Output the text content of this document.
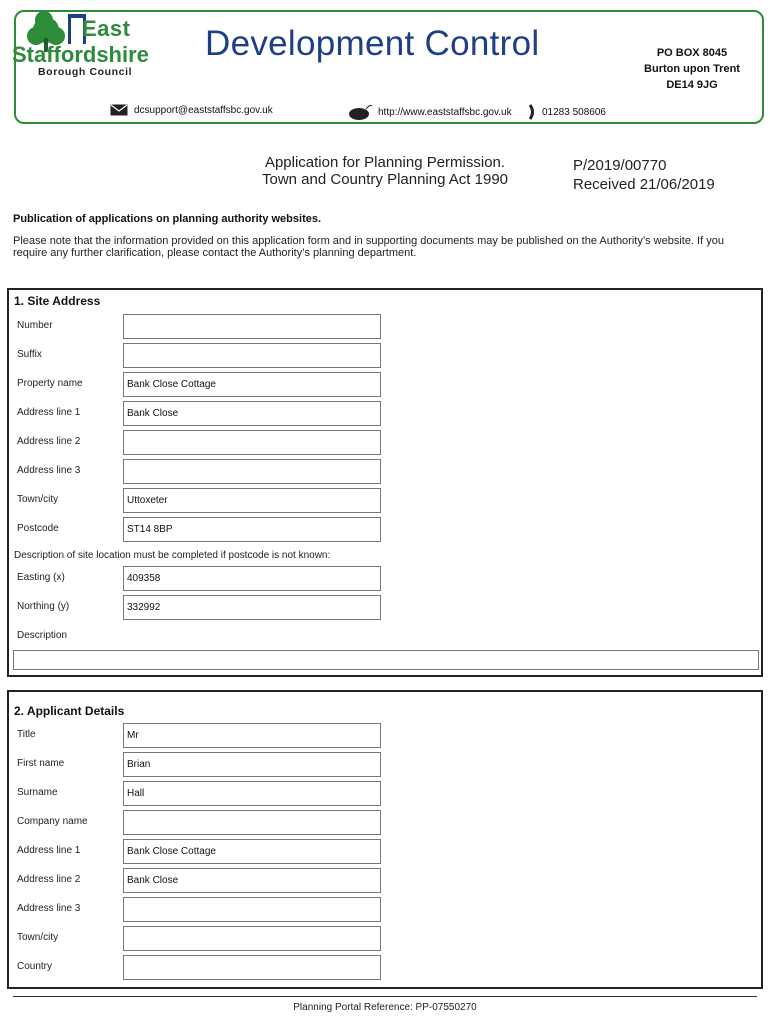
East
Staffordshire
Borough Council
Development Control	PO BOX 8045
Burton upon Trent
DE14 9JG
dcsupport@eaststaffsbc.gov.uk	http://www.eaststaffsbc.gov.uk	01283 508606
Application for Planning Permission.
Town and Country Planning Act 1990
P/2019/00770
Received 21/06/2019
Publication of applications on planning authority websites.
Please note that the information provided on this application form and in supporting documents may be published on the Authority’s website. If you require any further clarification, please contact the Authority’s planning department.
1. Site Address
Number
Suffix
Property name	Bank Close Cottage
Address line 1	Bank Close
Address line 2
Address line 3
Town/city	Uttoxeter
Postcode	ST14 8BP
Description of site location must be completed if postcode is not known:
Easting (x)	409358
Northing (y)	332992
Description
2. Applicant Details
Title	Mr
First name	Brian
Surname	Hall
Company name
Address line 1	Bank Close Cottage
Address line 2	Bank Close
Address line 3
Town/city
Country
Planning Portal Reference: PP-07550270
